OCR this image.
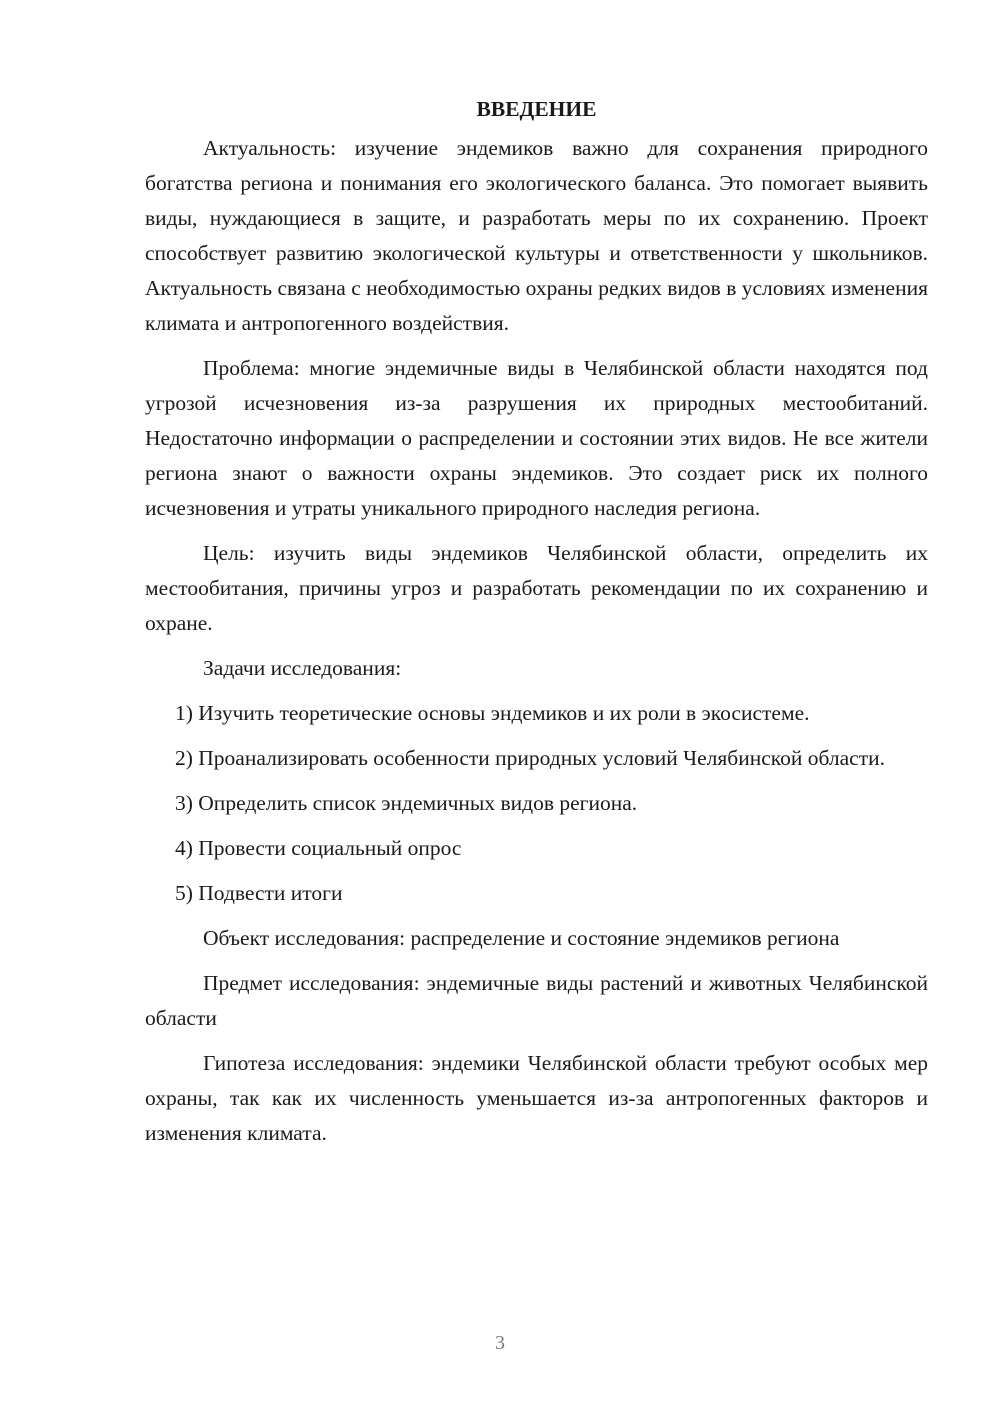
ВВЕДЕНИЕ

Актуальность: изучение эндемиков важно для сохранения природного богатства региона и понимания его экологического баланса. Это помогает выявить виды, нуждающиеся в защите, и разработать меры по их сохранению. Проект способствует развитию экологической культуры и ответственности у школьников. Актуальность связана с необходимостью охраны редких видов в условиях изменения климата и антропогенного воздействия.

Проблема: многие эндемичные виды в Челябинской области находятся под угрозой исчезновения из-за разрушения их природных местообитаний. Недостаточно информации о распределении и состоянии этих видов. Не все жители региона знают о важности охраны эндемиков. Это создает риск их полного исчезновения и утраты уникального природного наследия региона.

Цель: изучить виды эндемиков Челябинской области, определить их местообитания, причины угроз и разработать рекомендации по их сохранению и охране.

Задачи исследования:

1) Изучить теоретические основы эндемиков и их роли в экосистеме.

2) Проанализировать особенности природных условий Челябинской области.

3) Определить список эндемичных видов региона.

4) Провести социальный опрос

5) Подвести итоги

Объект исследования: распределение и состояние эндемиков региона

Предмет исследования: эндемичные виды растений и животных Челябинской области

Гипотеза исследования: эндемики Челябинской области требуют особых мер охраны, так как их численность уменьшается из-за антропогенных факторов и изменения климата.

3
